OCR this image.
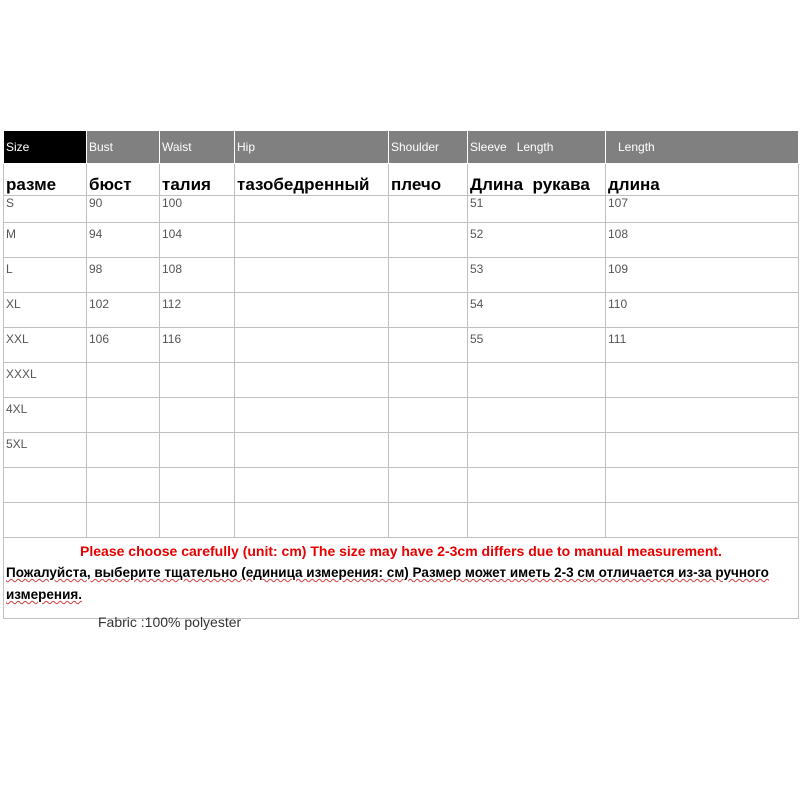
Size	Bust	Waist	Hip	Shoulder	Sleeve   Length	Length
разме	бюст	талия	тазобедренный	плечо	Длина  рукава	длина
S	90	100			51	107
M	94	104			52	108
L	98	108			53	109
XL	102	112			54	110
XXL	106	116			55	111
XXXL						
4XL						
5XL						

Please choose carefully (unit: cm) The size may have 2-3cm differs due to manual measurement.
Пожалуйста, выберите тщательно (единица измерения: см) Размер может иметь 2-3 см отличается из-за ручного измерения.						
Fabric :100% polyester
